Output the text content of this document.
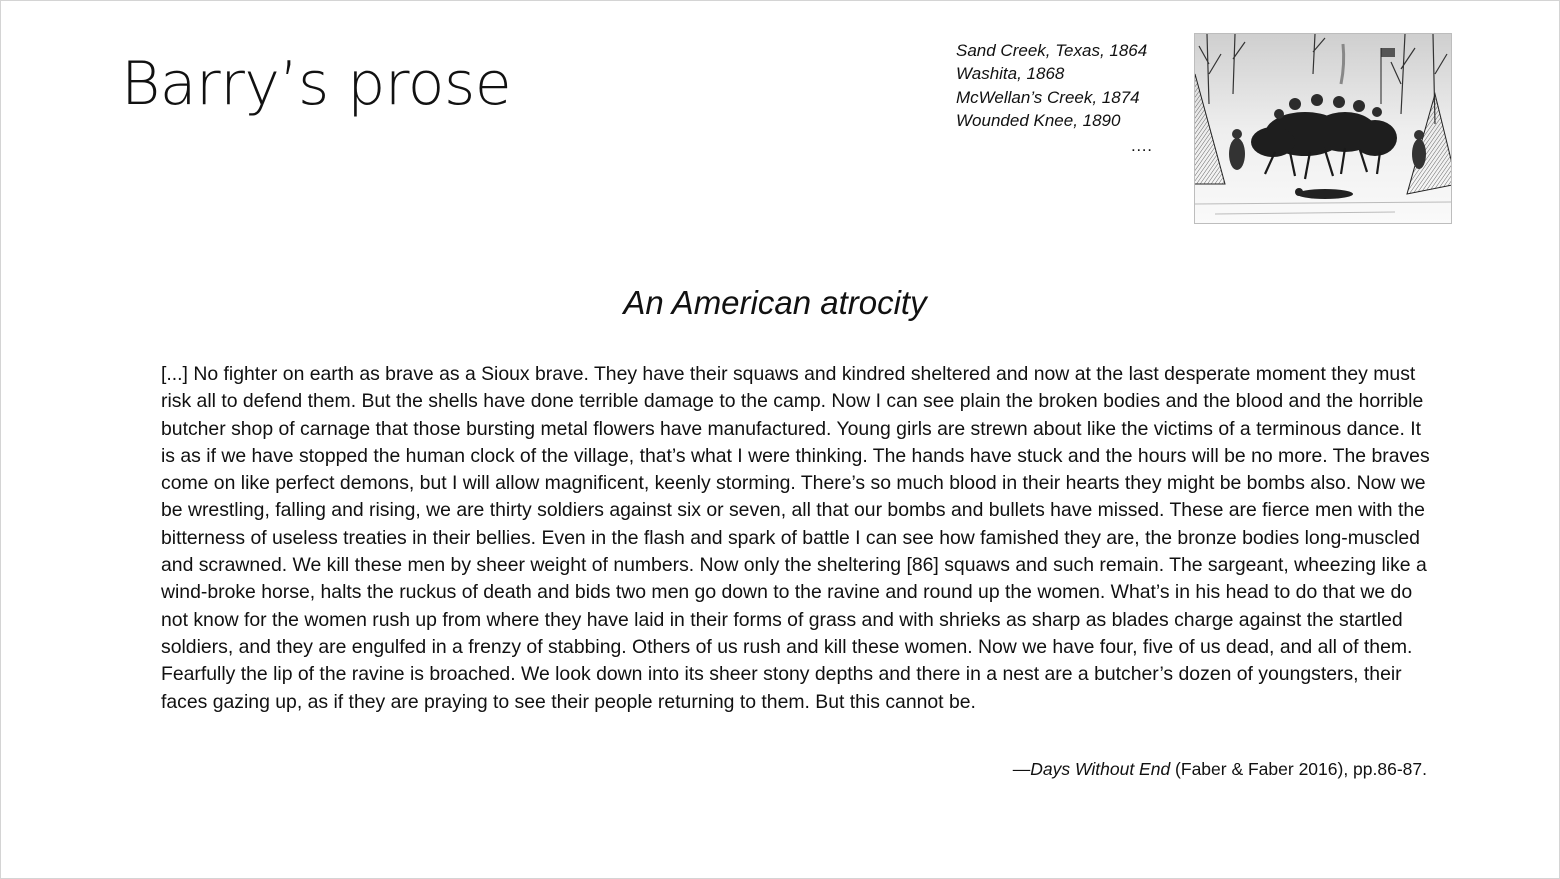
Barry’s prose	Sand Creek, Texas, 1864
Washita, 1868
McWellan’s Creek, 1874
Wounded Knee, 1890
….
An American atrocity
[...] No fighter on earth as brave as a Sioux brave. They have their squaws and kindred sheltered and now at the last desperate moment they must risk all to defend them. But the shells have done terrible damage to the camp. Now I can see plain the broken bodies and the blood and the horrible butcher shop of carnage that those bursting metal flowers have manufactured. Young girls are strewn about like the victims of a terminous dance. It is as if we have stopped the human clock of the village, that’s what I were thinking. The hands have stuck and the hours will be no more. The braves come on like perfect demons, but I will allow magnificent, keenly storming. There’s so much blood in their hearts they might be bombs also. Now we be wrestling, falling and rising, we are thirty soldiers against six or seven, all that our bombs and bullets have missed. These are fierce men with the bitterness of useless treaties in their bellies. Even in the flash and spark of battle I can see how famished they are, the bronze bodies long-muscled and scrawned. We kill these men by sheer weight of numbers. Now only the sheltering [86] squaws and such remain. The sargeant, wheezing like a wind-broke horse, halts the ruckus of death and bids two men go down to the ravine and round up the women. What’s in his head to do that we do not know for the women rush up from where they have laid in their forms of grass and with shrieks as sharp as blades charge against the startled soldiers, and they are engulfed in a frenzy of stabbing. Others of us rush and kill these women. Now we have four, five of us dead, and all of them. Fearfully the lip of the ravine is broached. We look down into its sheer stony depths and there in a nest are a butcher’s dozen of youngsters, their faces gazing up, as if they are praying to see their people returning to them. But this cannot be.
—Days Without End (Faber & Faber 2016), pp.86-87.
